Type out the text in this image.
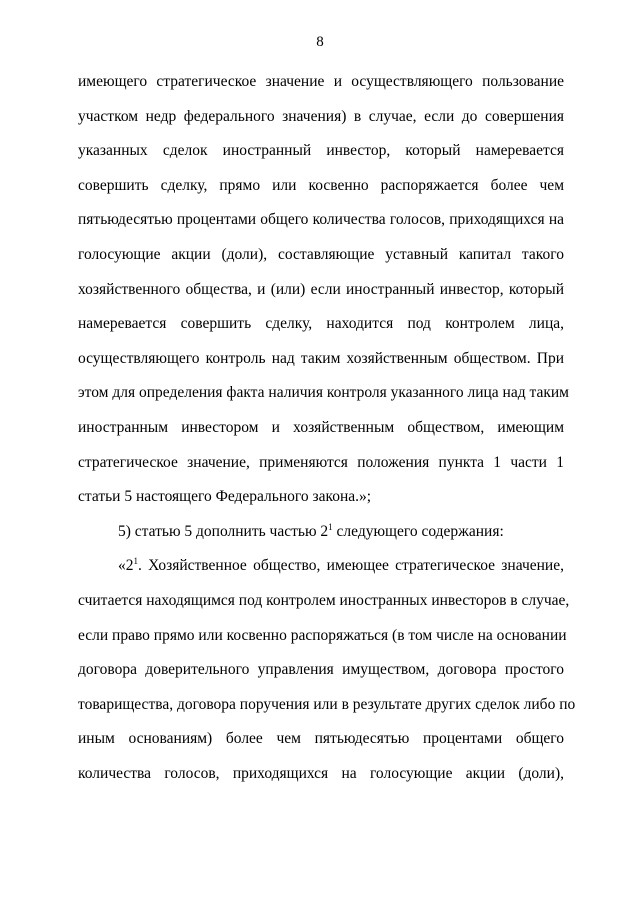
8
имеющего стратегическое значение и осуществляющего пользование
участком недр федерального значения) в случае, если до совершения
указанных сделок иностранный инвестор, который намеревается
совершить сделку, прямо или косвенно распоряжается более чем
пятьюдесятью процентами общего количества голосов, приходящихся на
голосующие акции (доли), составляющие уставный капитал такого
хозяйственного общества, и (или) если иностранный инвестор, который
намеревается совершить сделку, находится под контролем лица,
осуществляющего контроль над таким хозяйственным обществом. При
этом для определения факта наличия контроля указанного лица над таким
иностранным инвестором и хозяйственным обществом, имеющим
стратегическое значение, применяются положения пункта 1 части 1
статьи 5 настоящего Федерального закона.»;
5) статью 5 дополнить частью $2^1$ следующего содержания:
«$2^1$. Хозяйственное общество, имеющее стратегическое значение,
считается находящимся под контролем иностранных инвесторов в случае,
если право прямо или косвенно распоряжаться (в том числе на основании
договора доверительного управления имуществом, договора простого
товарищества, договора поручения или в результате других сделок либо по
иным основаниям) более чем пятьюдесятью процентами общего
количества голосов, приходящихся на голосующие акции (доли),
